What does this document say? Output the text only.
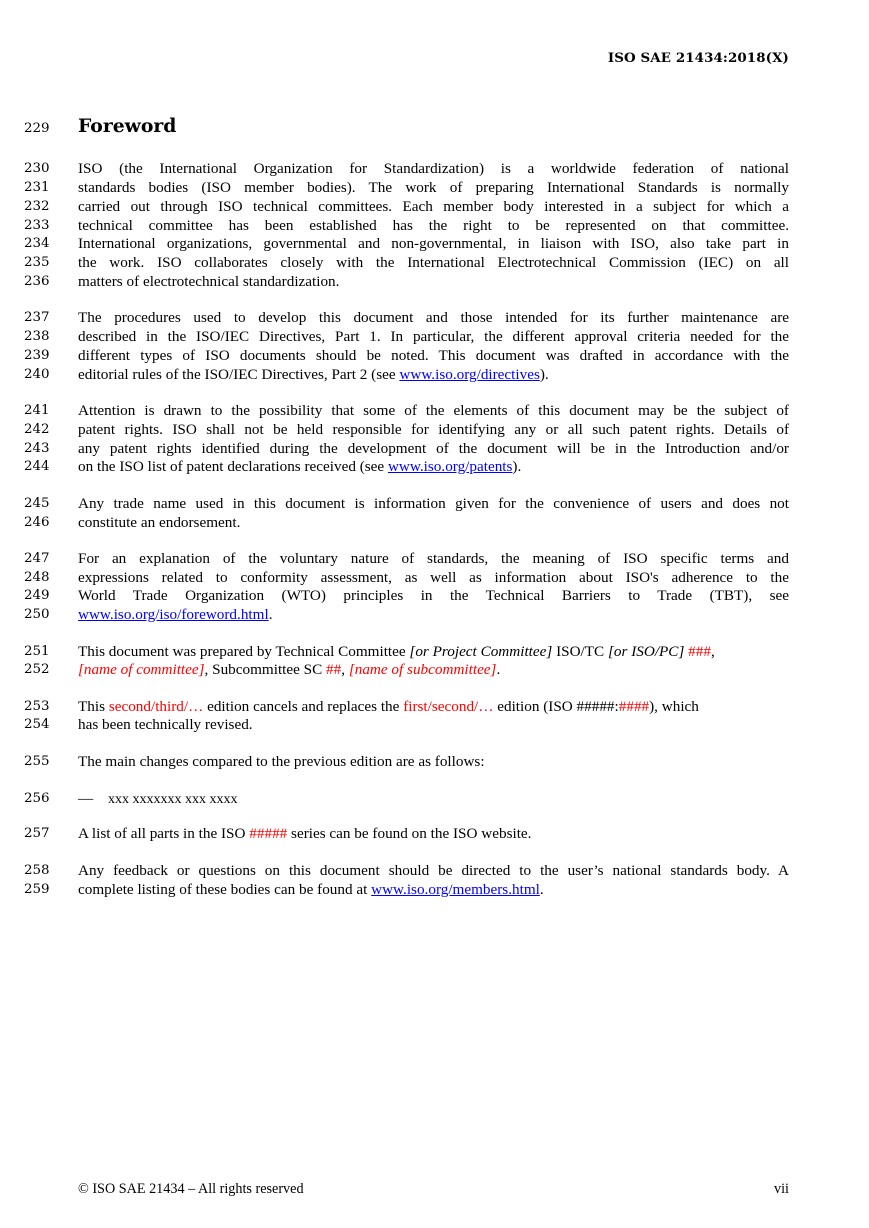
ISO SAE 21434:2018(X)
229	Foreword
230	ISO (the International Organization for Standardization) is a worldwide federation of national
231	standards bodies (ISO member bodies). The work of preparing International Standards is normally
232	carried out through ISO technical committees. Each member body interested in a subject for which a
233	technical committee has been established has the right to be represented on that committee.
234	International organizations, governmental and non-governmental, in liaison with ISO, also take part in
235	the work. ISO collaborates closely with the International Electrotechnical Commission (IEC) on all
236	matters of electrotechnical standardization.
237	The procedures used to develop this document and those intended for its further maintenance are
238	described in the ISO/IEC Directives, Part 1. In particular, the different approval criteria needed for the
239	different types of ISO documents should be noted. This document was drafted in accordance with the
240	editorial rules of the ISO/IEC Directives, Part 2 (see www.iso.org/directives).
241	Attention is drawn to the possibility that some of the elements of this document may be the subject of
242	patent rights. ISO shall not be held responsible for identifying any or all such patent rights. Details of
243	any patent rights identified during the development of the document will be in the Introduction and/or
244	on the ISO list of patent declarations received (see www.iso.org/patents).
245	Any trade name used in this document is information given for the convenience of users and does not
246	constitute an endorsement.
247	For an explanation of the voluntary nature of standards, the meaning of ISO specific terms and
248	expressions related to conformity assessment, as well as information about ISO's adherence to the
249	World Trade Organization (WTO) principles in the Technical Barriers to Trade (TBT), see
250	www.iso.org/iso/foreword.html.
251	This document was prepared by Technical Committee [or Project Committee] ISO/TC [or ISO/PC] ###,
252	[name of committee], Subcommittee SC ##, [name of subcommittee].
253	This second/third/… edition cancels and replaces the first/second/… edition (ISO #####:####), which
254	has been technically revised.
255	The main changes compared to the previous edition are as follows:
256	— xxx xxxxxxx xxx xxxx
257	A list of all parts in the ISO ##### series can be found on the ISO website.
258	Any feedback or questions on this document should be directed to the user’s national standards body. A
259	complete listing of these bodies can be found at www.iso.org/members.html.
© ISO SAE 21434 – All rights reserved	vii
